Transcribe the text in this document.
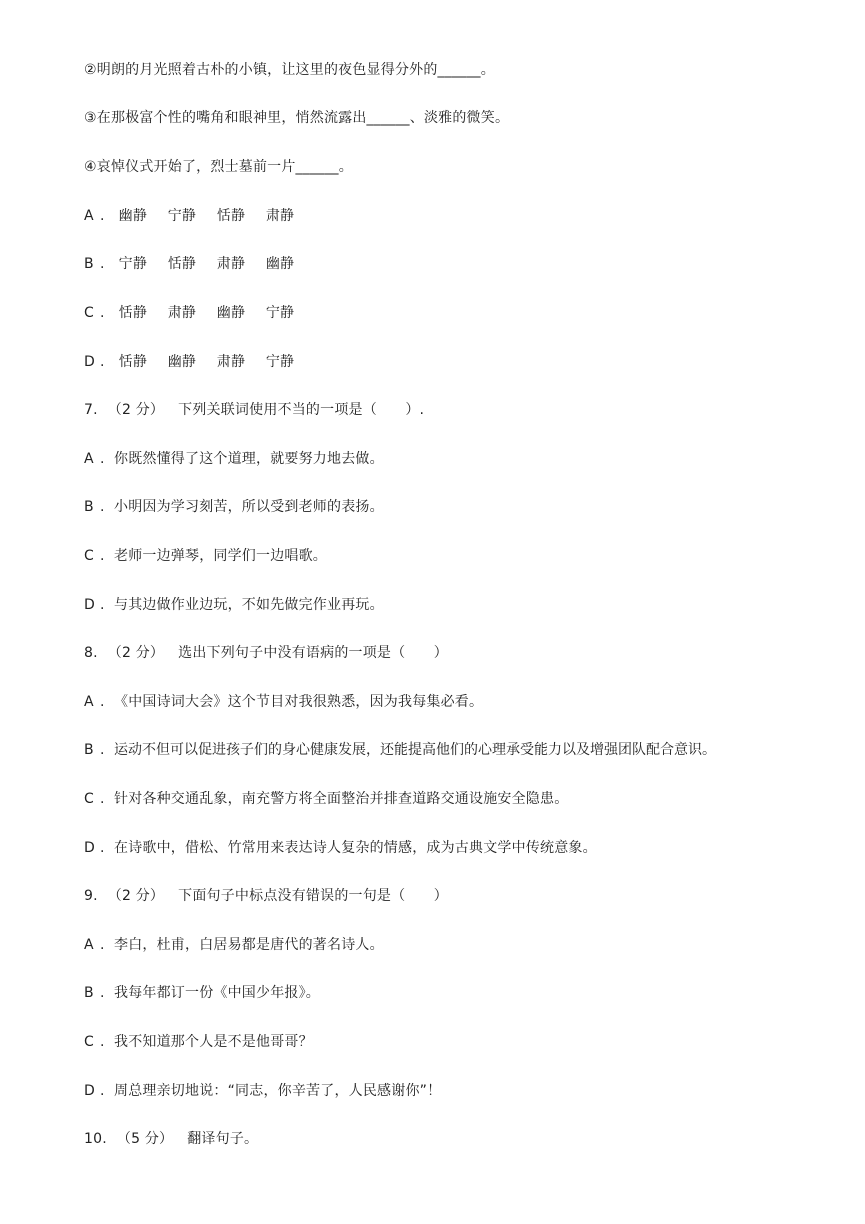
②明朗的月光照着古朴的小镇，让这里的夜色显得分外的______。
③在那极富个性的嘴角和眼神里，悄然流露出______、淡雅的微笑。
④哀悼仪式开始了，烈士墓前一片______。
A . 幽静 宁静 恬静 肃静
B . 宁静 恬静 肃静 幽静
C . 恬静 肃静 幽静 宁静
D . 恬静 幽静 肃静 宁静
7. （2 分） 下列关联词使用不当的一项是（　　）.
A . 你既然懂得了这个道理，就要努力地去做。
B . 小明因为学习刻苦，所以受到老师的表扬。
C . 老师一边弹琴，同学们一边唱歌。
D . 与其边做作业边玩，不如先做完作业再玩。
8. （2 分） 选出下列句子中没有语病的一项是（　　）
A . 《中国诗词大会》这个节目对我很熟悉，因为我每集必看。
B . 运动不但可以促进孩子们的身心健康发展，还能提高他们的心理承受能力以及增强团队配合意识。
C . 针对各种交通乱象，南充警方将全面整治并排查道路交通设施安全隐患。
D . 在诗歌中，借松、竹常用来表达诗人复杂的情感，成为古典文学中传统意象。
9. （2 分） 下面句子中标点没有错误的一句是（　　）
A . 李白，杜甫，白居易都是唐代的著名诗人。
B . 我每年都订一份《中国少年报》。
C . 我不知道那个人是不是他哥哥？
D . 周总理亲切地说：“同志，你辛苦了，人民感谢你”！
10. （5 分） 翻译句子。
